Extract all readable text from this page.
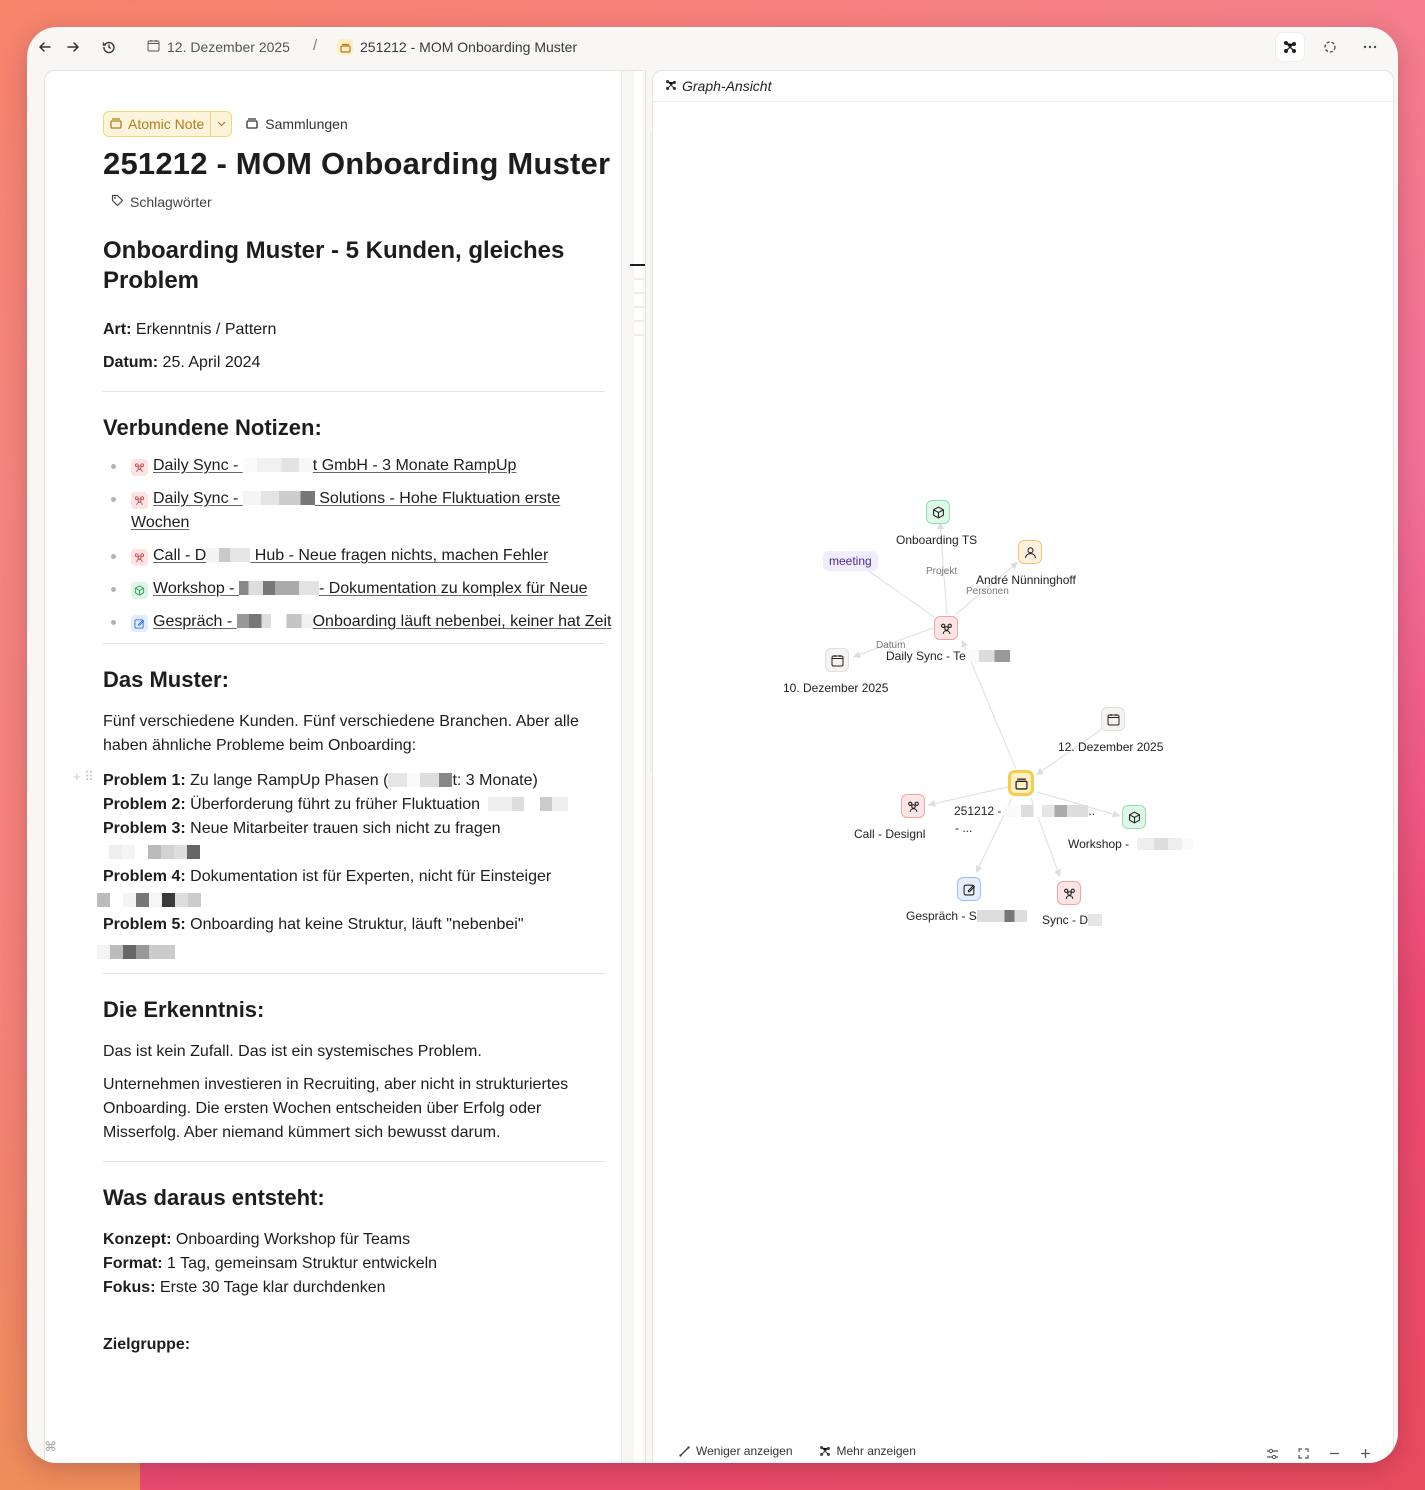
12. Dezember 2025 /	251212 - MOM Onboarding Muster
Atomic Note	Sammlungen
251212 - MOM Onboarding Muster
Schlagwörter
Onboarding Muster - 5 Kunden, gleiches Problem

Art: Erkenntnis / Pattern

Datum: 25. April 2024

Verbundene Notizen:
Daily Sync -	t GmbH - 3 Monate RampUp
Daily Sync -	Solutions - Hohe Fluktuation erste Wochen
Call - D	Hub - Neue fragen nichts, machen Fehler
Workshop -	- Dokumentation zu komplex für Neue
Gespräch -	Onboarding läuft nebenbei, keiner hat Zeit
Das Muster:

Fünf verschiedene Kunden. Fünf verschiedene Branchen. Aber alle haben ähnliche Probleme beim Onboarding:

+ ⠿ Problem 1: Zu lange RampUp Phasen (	t: 3 Monate)

Problem 2: Überforderung führt zu früher Fluktuation

Problem 3: Neue Mitarbeiter trauen sich nicht zu fragen

Problem 4: Dokumentation ist für Experten, nicht für Einsteiger

Problem 5: Onboarding hat keine Struktur, läuft "nebenbei"

Die Erkenntnis:

Das ist kein Zufall. Das ist ein systemisches Problem.

Unternehmen investieren in Recruiting, aber nicht in strukturiertes Onboarding. Die ersten Wochen entscheiden über Erfolg oder Misserfolg. Aber niemand kümmert sich bewusst darum.

Was daraus entsteht:

Konzept: Onboarding Workshop für Teams

Format: 1 Tag, gemeinsam Struktur entwickeln

Fokus: Erste 30 Tage klar durchdenken

Zielgruppe:

Graph-Ansicht
Onboarding TS
André Nünninghoff
meeting
Projekt
Personen
Datum
Daily Sync - Te
10. Dezember 2025
12. Dezember 2025
251212 -	..
- ...
Call - Designl
Workshop -
Gespräch - S	Sync - D
Weniger anzeigen	Mehr anzeigen
⌘
